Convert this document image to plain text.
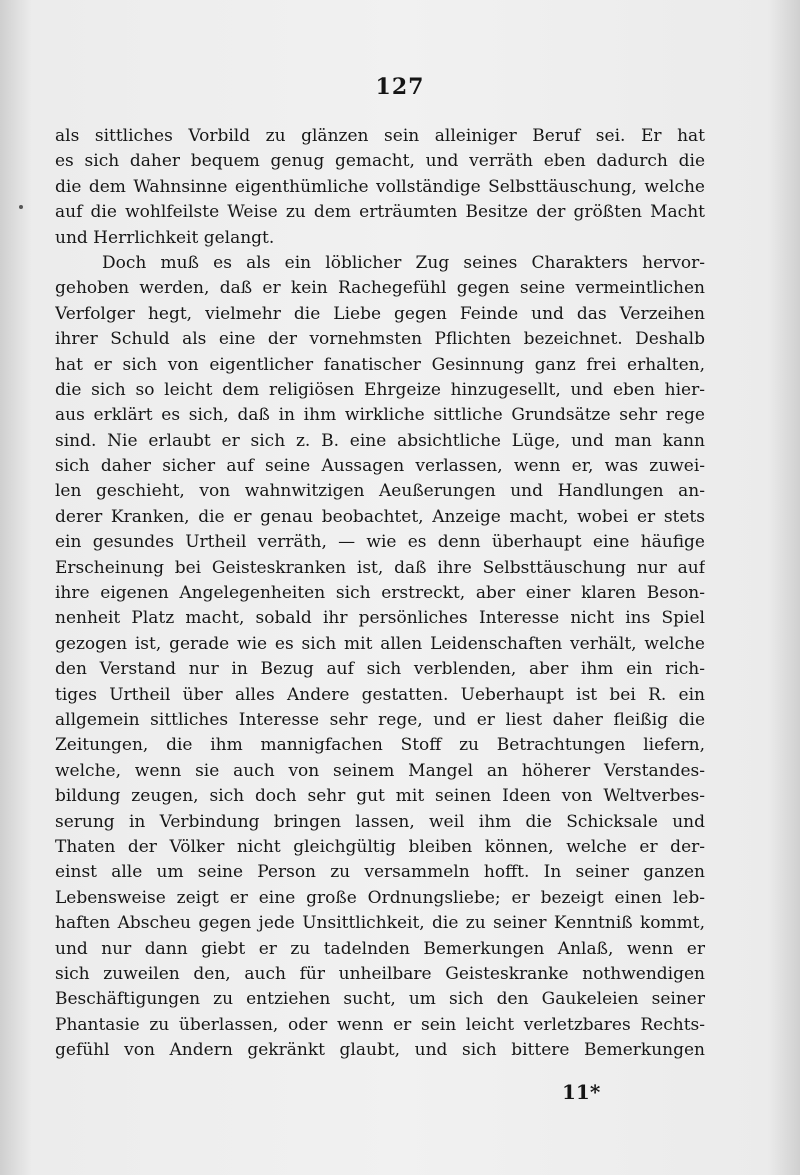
127
als sittliches Vorbild zu glänzen sein alleiniger Beruf sei. Er hat
es sich daher bequem genug gemacht, und verräth eben dadurch die
die dem Wahnsinne eigenthümliche vollständige Selbsttäuschung, welche
auf die wohlfeilste Weise zu dem erträumten Besitze der größten Macht
und Herrlichkeit gelangt.
Doch muß es als ein löblicher Zug seines Charakters hervor-
gehoben werden, daß er kein Rachegefühl gegen seine vermeintlichen
Verfolger hegt, vielmehr die Liebe gegen Feinde und das Verzeihen
ihrer Schuld als eine der vornehmsten Pflichten bezeichnet. Deshalb
hat er sich von eigentlicher fanatischer Gesinnung ganz frei erhalten,
die sich so leicht dem religiösen Ehrgeize hinzugesellt, und eben hier-
aus erklärt es sich, daß in ihm wirkliche sittliche Grundsätze sehr rege
sind. Nie erlaubt er sich z. B. eine absichtliche Lüge, und man kann
sich daher sicher auf seine Aussagen verlassen, wenn er, was zuwei-
len geschieht, von wahnwitzigen Aeußerungen und Handlungen an-
derer Kranken, die er genau beobachtet, Anzeige macht, wobei er stets
ein gesundes Urtheil verräth, — wie es denn überhaupt eine häufige
Erscheinung bei Geisteskranken ist, daß ihre Selbsttäuschung nur auf
ihre eigenen Angelegenheiten sich erstreckt, aber einer klaren Beson-
nenheit Platz macht, sobald ihr persönliches Interesse nicht ins Spiel
gezogen ist, gerade wie es sich mit allen Leidenschaften verhält, welche
den Verstand nur in Bezug auf sich verblenden, aber ihm ein rich-
tiges Urtheil über alles Andere gestatten. Ueberhaupt ist bei R. ein
allgemein sittliches Interesse sehr rege, und er liest daher fleißig die
Zeitungen, die ihm mannigfachen Stoff zu Betrachtungen liefern,
welche, wenn sie auch von seinem Mangel an höherer Verstandes-
bildung zeugen, sich doch sehr gut mit seinen Ideen von Weltverbes-
serung in Verbindung bringen lassen, weil ihm die Schicksale und
Thaten der Völker nicht gleichgültig bleiben können, welche er der-
einst alle um seine Person zu versammeln hofft. In seiner ganzen
Lebensweise zeigt er eine große Ordnungsliebe; er bezeigt einen leb-
haften Abscheu gegen jede Unsittlichkeit, die zu seiner Kenntniß kommt,
und nur dann giebt er zu tadelnden Bemerkungen Anlaß, wenn er
sich zuweilen den, auch für unheilbare Geisteskranke nothwendigen
Beschäftigungen zu entziehen sucht, um sich den Gaukeleien seiner
Phantasie zu überlassen, oder wenn er sein leicht verletzbares Rechts-
gefühl von Andern gekränkt glaubt, und sich bittere Bemerkungen
11*
